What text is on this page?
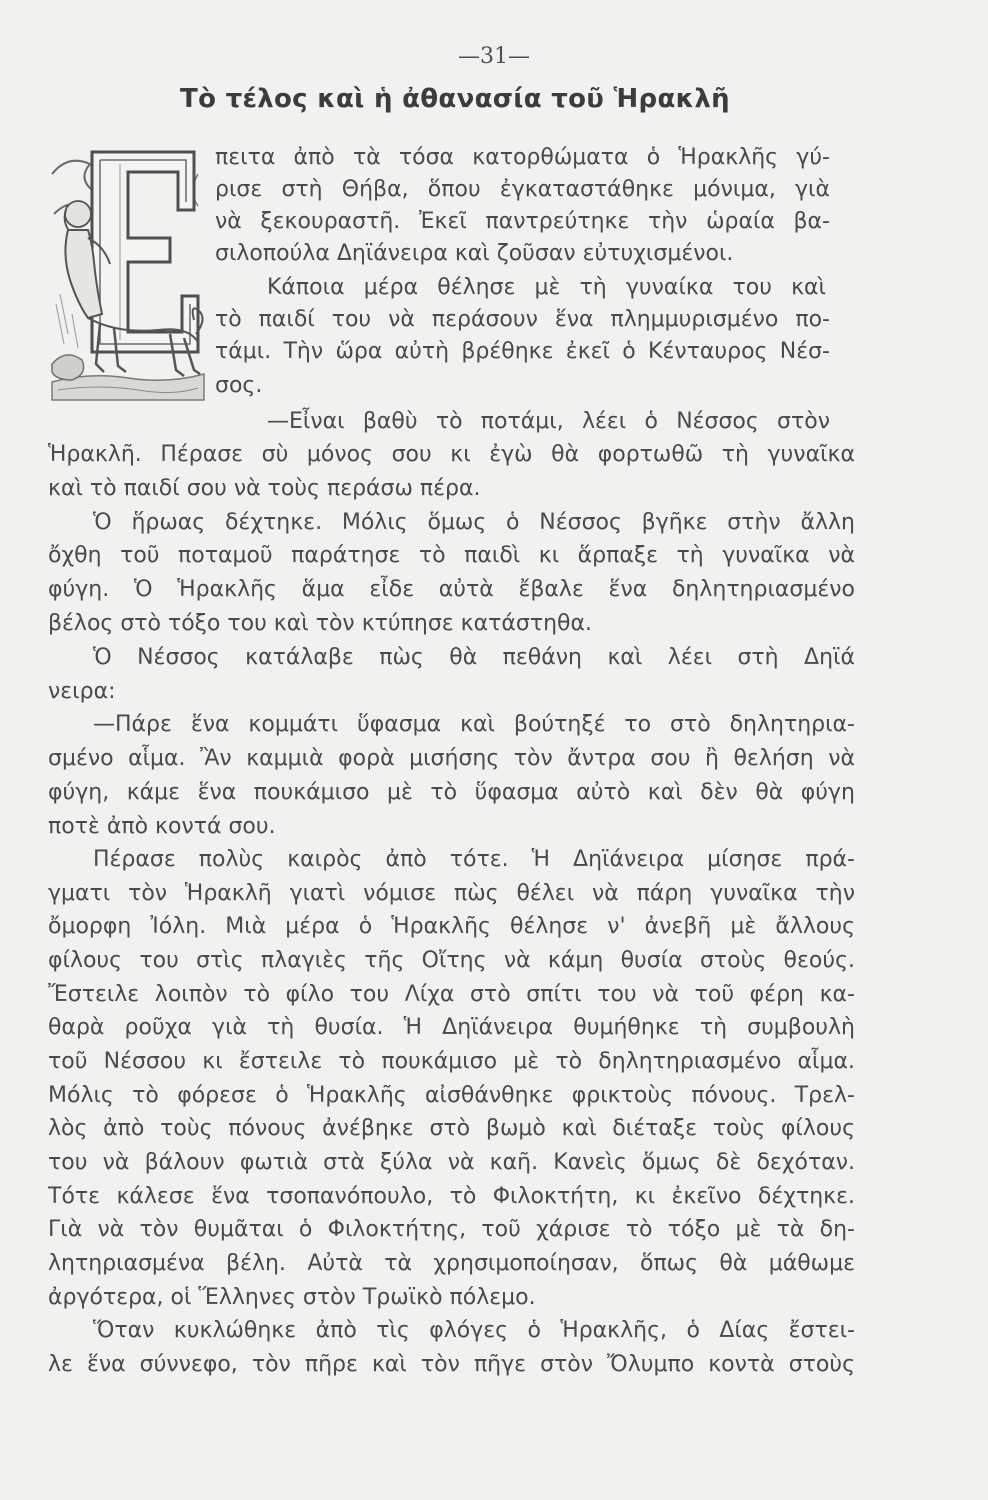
—31—
Τὸ τέλος καὶ ἡ ἀθανασία τοῦ Ἡρακλῆ
πειτα ἀπὸ τὰ τόσα κατορθώματα ὁ Ἡρακλῆς γύ-
ρισε στὴ Θήβα, ὅπου ἐγκαταστάθηκε μόνιμα, γιὰ
νὰ ξεκουραστῆ. Ἐκεῖ παντρεύτηκε τὴν ὡραία βα-
σιλοπούλα Δηϊάνειρα καὶ ζοῦσαν εὐτυχισμένοι.
Κάποια μέρα θέλησε μὲ τὴ γυναίκα του καὶ
τὸ παιδί του νὰ περάσουν ἕνα πλημμυρισμένο πο-
τάμι. Τὴν ὥρα αὐτὴ βρέθηκε ἐκεῖ ὁ Κένταυρος Νέσ-
σος.
—Εἶναι βαθὺ τὸ ποτάμι, λέει ὁ Νέσσος στὸν
Ἡρακλῆ. Πέρασε σὺ μόνος σου κι ἐγὼ θὰ φορτωθῶ τὴ γυναῖκα
καὶ τὸ παιδί σου νὰ τοὺς περάσω πέρα.
Ὁ ἥρωας δέχτηκε. Μόλις ὅμως ὁ Νέσσος βγῆκε στὴν ἄλλη
ὄχθη τοῦ ποταμοῦ παράτησε τὸ παιδὶ κι ἅρπαξε τὴ γυναῖκα νὰ
φύγη. Ὁ Ἡρακλῆς ἅμα εἶδε αὐτὰ ἔβαλε ἕνα δηλητηριασμένο
βέλος στὸ τόξο του καὶ τὸν κτύπησε κατάστηθα.
Ὁ Νέσσος κατάλαβε πὼς θὰ πεθάνη καὶ λέει στὴ Δηϊά
νειρα:
—Πάρε ἕνα κομμάτι ὕφασμα καὶ βούτηξέ το στὸ δηλητηρια-
σμένο αἷμα. Ἂν καμμιὰ φορὰ μισήσης τὸν ἄντρα σου ἢ θελήση νὰ
φύγη, κάμε ἕνα πουκάμισο μὲ τὸ ὕφασμα αὐτὸ καὶ δὲν θὰ φύγη
ποτὲ ἀπὸ κοντά σου.
Πέρασε πολὺς καιρὸς ἀπὸ τότε. Ἡ Δηϊάνειρα μίσησε πρά-
γματι τὸν Ἡρακλῆ γιατὶ νόμισε πὼς θέλει νὰ πάρη γυναῖκα τὴν
ὄμορφη Ἰόλη. Μιὰ μέρα ὁ Ἡρακλῆς θέλησε ν' ἀνεβῆ μὲ ἄλλους
φίλους του στὶς πλαγιὲς τῆς Οἴτης νὰ κάμη θυσία στοὺς θεούς.
Ἔστειλε λοιπὸν τὸ φίλο του Λίχα στὸ σπίτι του νὰ τοῦ φέρη κα-
θαρὰ ροῦχα γιὰ τὴ θυσία. Ἡ Δηϊάνειρα θυμήθηκε τὴ συμβουλὴ
τοῦ Νέσσου κι ἔστειλε τὸ πουκάμισο μὲ τὸ δηλητηριασμένο αἷμα.
Μόλις τὸ φόρεσε ὁ Ἡρακλῆς αἰσθάνθηκε φρικτοὺς πόνους. Τρελ-
λὸς ἀπὸ τοὺς πόνους ἀνέβηκε στὸ βωμὸ καὶ διέταξε τοὺς φίλους
του νὰ βάλουν φωτιὰ στὰ ξύλα νὰ καῆ. Κανεὶς ὅμως δὲ δεχόταν.
Τότε κάλεσε ἕνα τσοπανόπουλο, τὸ Φιλοκτήτη, κι ἐκεῖνο δέχτηκε.
Γιὰ νὰ τὸν θυμᾶται ὁ Φιλοκτήτης, τοῦ χάρισε τὸ τόξο μὲ τὰ δη-
λητηριασμένα βέλη. Αὐτὰ τὰ χρησιμοποίησαν, ὅπως θὰ μάθωμε
ἀργότερα, οἱ Ἕλληνες στὸν Τρωϊκὸ πόλεμο.
Ὅταν κυκλώθηκε ἀπὸ τὶς φλόγες ὁ Ἡρακλῆς, ὁ Δίας ἔστει-
λε ἕνα σύννεφο, τὸν πῆρε καὶ τὸν πῆγε στὸν Ὄλυμπο κοντὰ στοὺς
